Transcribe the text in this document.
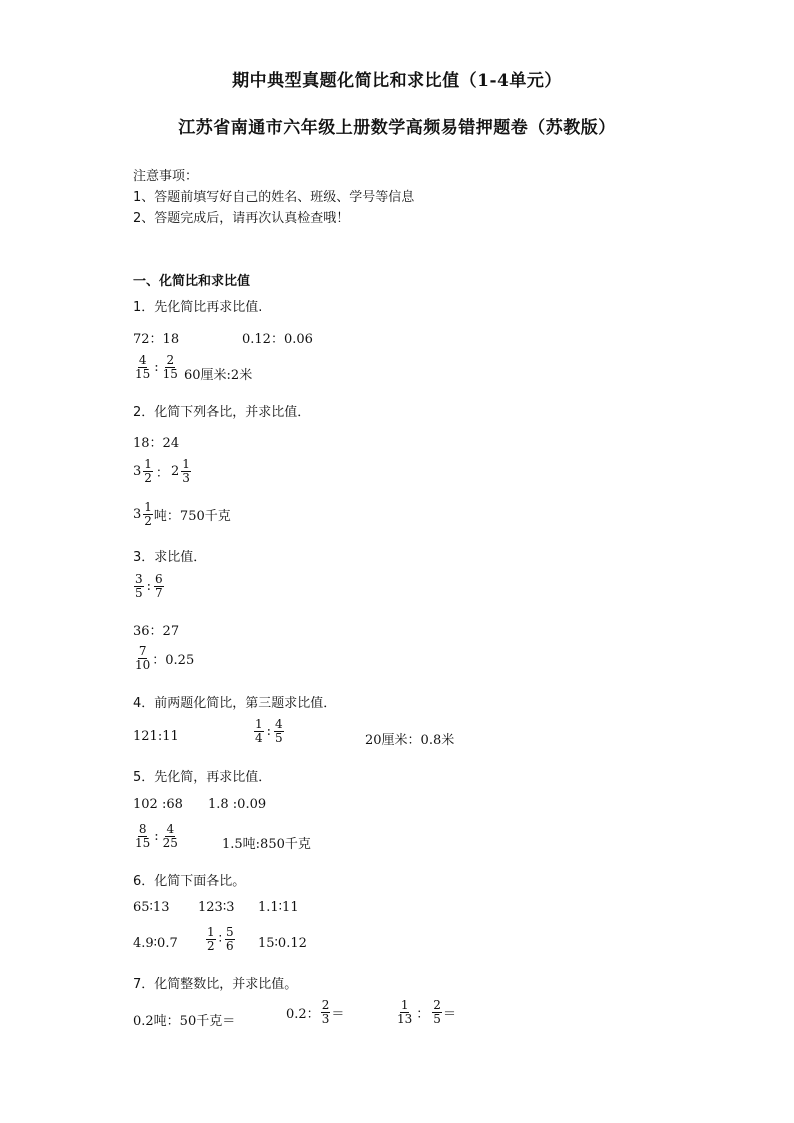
期中典型真题化简比和求比值（1-4单元）
江苏省南通市六年级上册数学高频易错押题卷（苏教版）
注意事项：
1、答题前填写好自己的姓名、班级、学号等信息
2、答题完成后，请再次认真检查哦！
一、化简比和求比值
1．先化简比再求比值.
72：18	0.12：0.06
$\frac{4}{15}$ : $\frac{2}{15} 60$厘米:2米
2．化简下列各比，并求比值．
18：24
$3 \frac{1}{2}$ ： $2 \frac{1}{3}$
$3 \frac{1}{2}$ 吨：750千克
3．求比值．
$\frac{3}{5}$ : $\frac{6}{7}$
36：27
$\frac{7}{10}$ ：0.25
4．前两题化简比，第三题求比值．
121:11	$\frac{1}{4}$ : $\frac{4}{5}$	20厘米：0.8米
5．先化简，再求比值．
102 :68 1.8 :0.09
$\frac{8}{15}$ : $\frac{4}{25}$	1.5吨:850千克
6．化简下面各比。
65∶13 123∶3 1.1∶11
4.9∶0.7 $\frac{1}{2}$ ∶ $\frac{5}{6}$ 15∶0.12
7．化简整数比，并求比值。
0.2吨：50千克＝	0.2： $\frac{2}{3}$ ＝	$\frac{1}{13}$ ： $\frac{2}{5}$ ＝
